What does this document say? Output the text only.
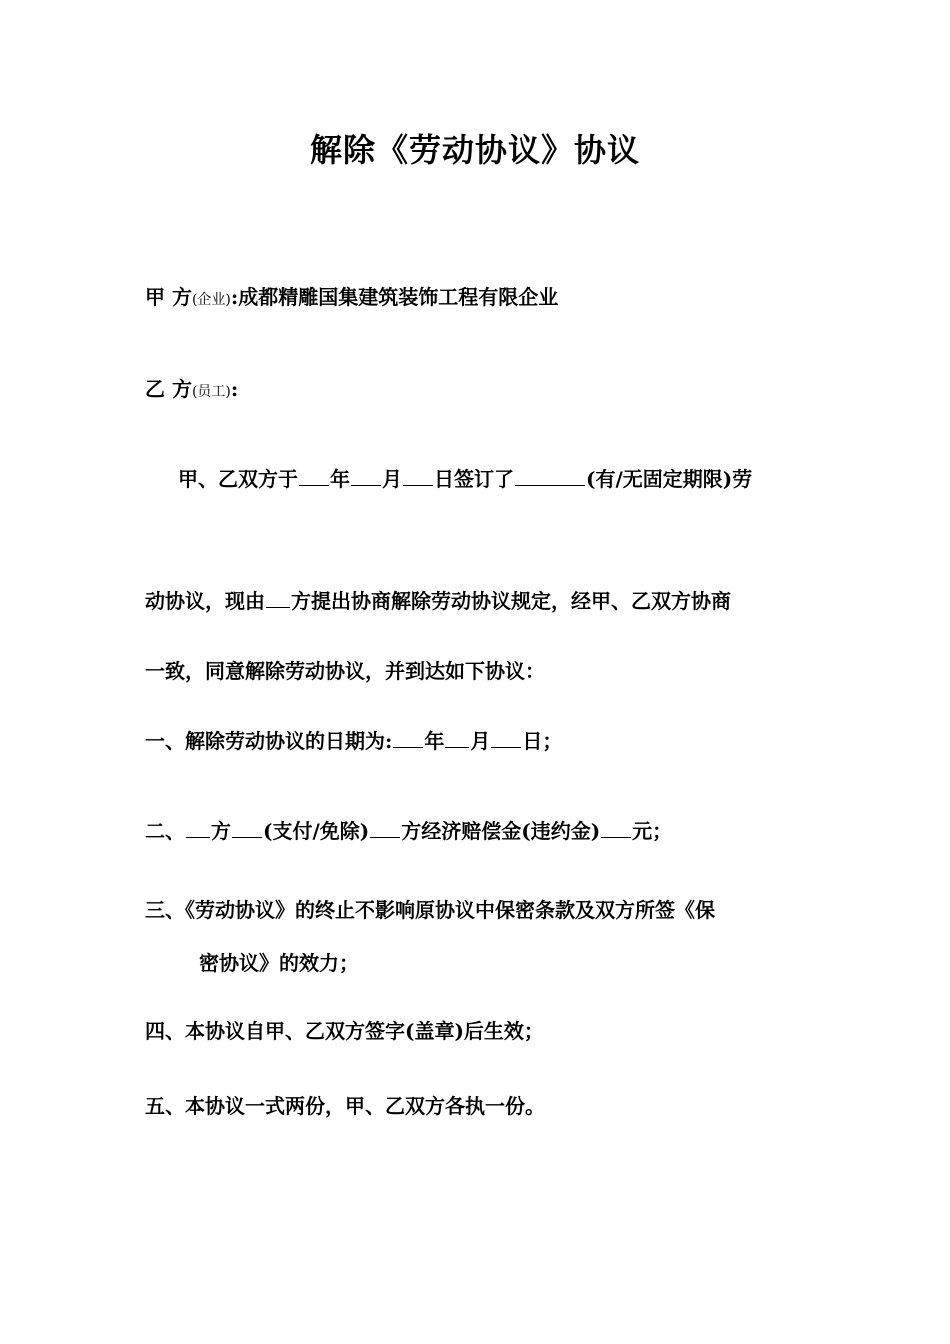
解除《劳动协议》协议
甲 方(企业):成都精雕国集建筑装饰工程有限企业
乙 方(员工):
甲、乙双方于 年 月 日签订了	(有/无固定期限)劳
动协议，现由 方提出协商解除劳动协议规定，经甲、乙双方协商
一致，同意解除劳动协议，并到达如下协议：
一、解除劳动协议的日期为: 年 月 日；
二、 方 (支付/免除) 方经济赔偿金(违约金) 元；
三、《劳动协议》的终止不影响原协议中保密条款及双方所签《保
密协议》的效力；
四、本协议自甲、乙双方签字(盖章)后生效；
五、本协议一式两份，甲、乙双方各执一份。
